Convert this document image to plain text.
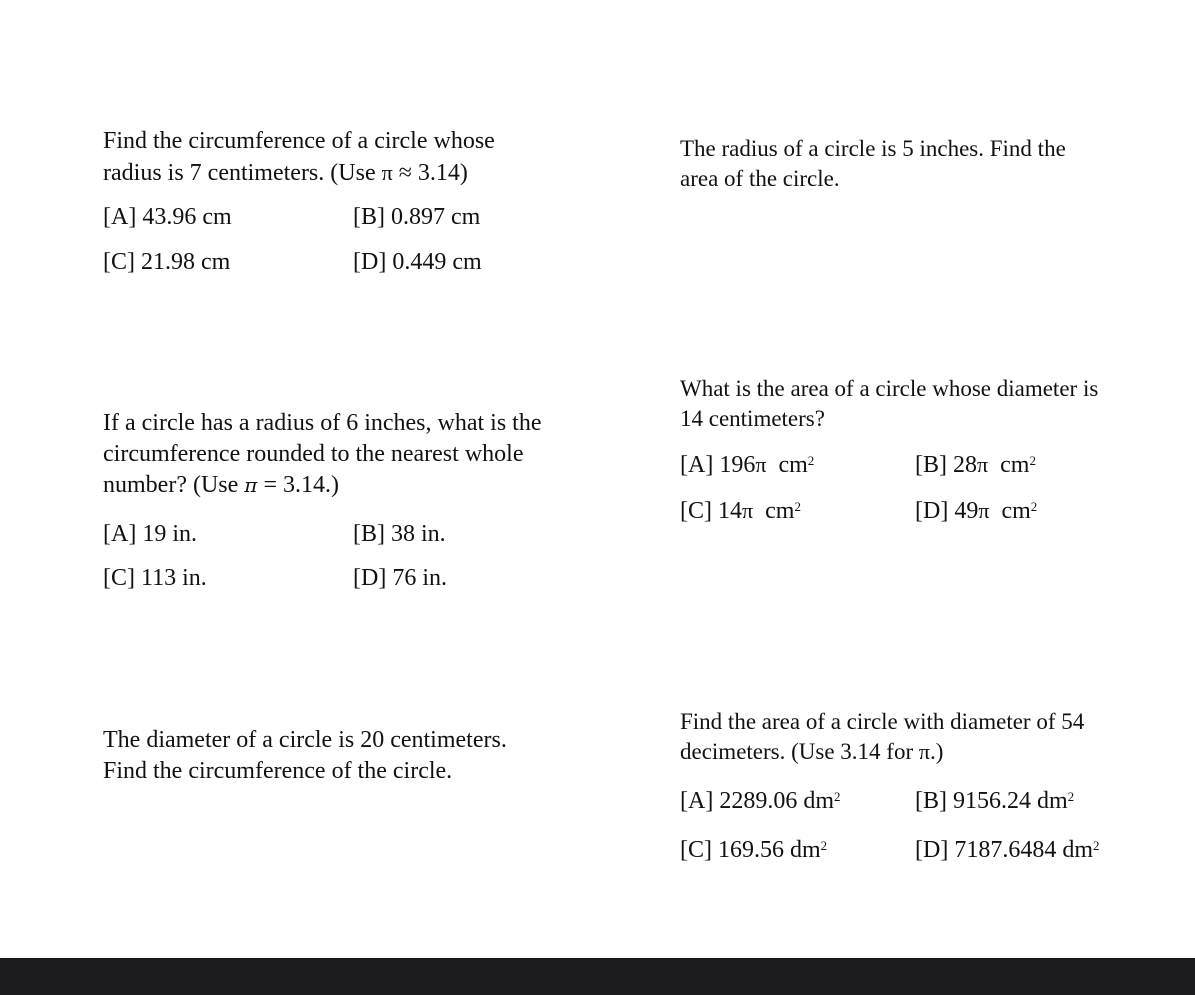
Find the circumference of a circle whose
radius is 7 centimeters. (Use π ≈ 3.14)

[A] 43.96 cm	[B] 0.897 cm
[C] 21.98 cm	[D] 0.449 cm

The radius of a circle is 5 inches. Find the
area of the circle.

If a circle has a radius of 6 inches, what is the
circumference rounded to the nearest whole
number? (Use π = 3.14.)

[A] 19 in.	[B] 38 in.
[C] 113 in.	[D] 76 in.

What is the area of a circle whose diameter is
14 centimeters?

[A] 196π $cm^2$	[B] 28π $cm^2$
[C] 14π $cm^2$	[D] 49π $cm^2$

The diameter of a circle is 20 centimeters.
Find the circumference of the circle.

Find the area of a circle with diameter of 54
decimeters. (Use 3.14 for π.)

[A] 2289.06 $dm^2$	[B] 9156.24 $dm^2$
[C] 169.56 $dm^2$	[D] 7187.6484 $dm^2$
